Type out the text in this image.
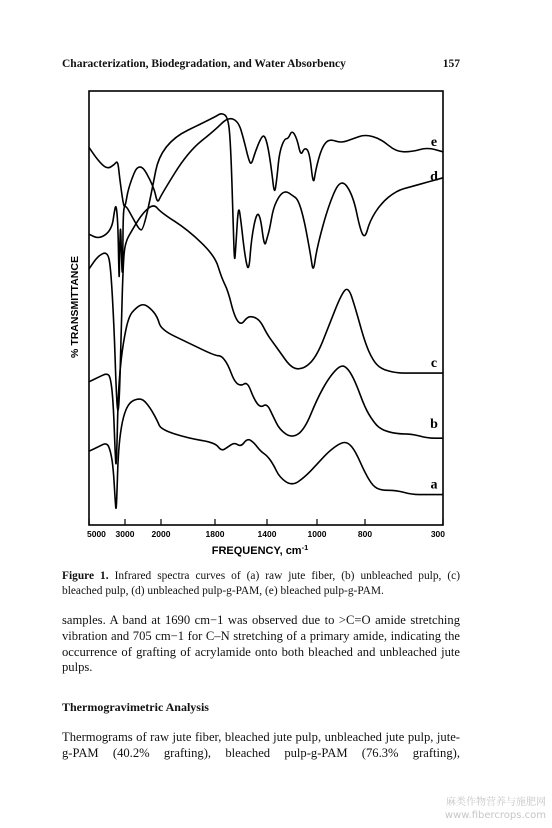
Characterization, Biodegradation, and Water Absorbency	157
5000 3000 2000	1800	1400	1000	800	300
e
d
c
b
a
% TRANSMITTANCE
FREQUENCY, $cm^{-1}$
Figure 1. Infrared spectra curves of (a) raw jute fiber, (b) unbleached pulp, (c) bleached pulp, (d) unbleached pulp-g-PAM, (e) bleached pulp-g-PAM.
samples. A band at 1690 cm−1 was observed due to >C=O amide stretching vibration and 705 cm−1 for C–N stretching of a primary amide, indicating the occurrence of grafting of acrylamide onto both bleached and unbleached jute pulps.
Thermogravimetric Analysis
Thermograms of raw jute fiber, bleached jute pulp, unbleached jute pulp, jute-g-PAM (40.2% grafting), bleached pulp-g-PAM (76.3% grafting),
麻类作物营养与施肥网
www.fibercrops.com
